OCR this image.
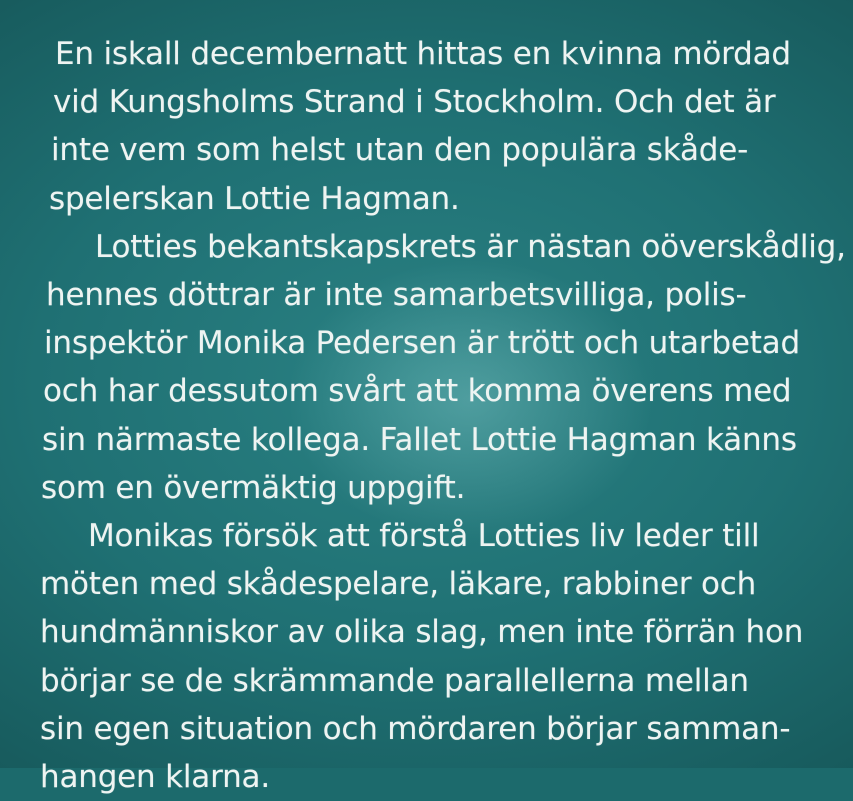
En iskall decembernatt hittas en kvinna mördad
vid Kungsholms Strand i Stockholm. Och det är
inte vem som helst utan den populära skåde-
spelerskan Lottie Hagman.
Lotties bekantskapskrets är nästan oöverskådlig,
hennes döttrar är inte samarbetsvilliga, polis-
inspektör Monika Pedersen är trött och utarbetad
och har dessutom svårt att komma överens med
sin närmaste kollega. Fallet Lottie Hagman känns
som en övermäktig uppgift.
Monikas försök att förstå Lotties liv leder till
möten med skådespelare, läkare, rabbiner och
hundmänniskor av olika slag, men inte förrän hon
börjar se de skrämmande parallellerna mellan
sin egen situation och mördaren börjar samman-
hangen klarna.
